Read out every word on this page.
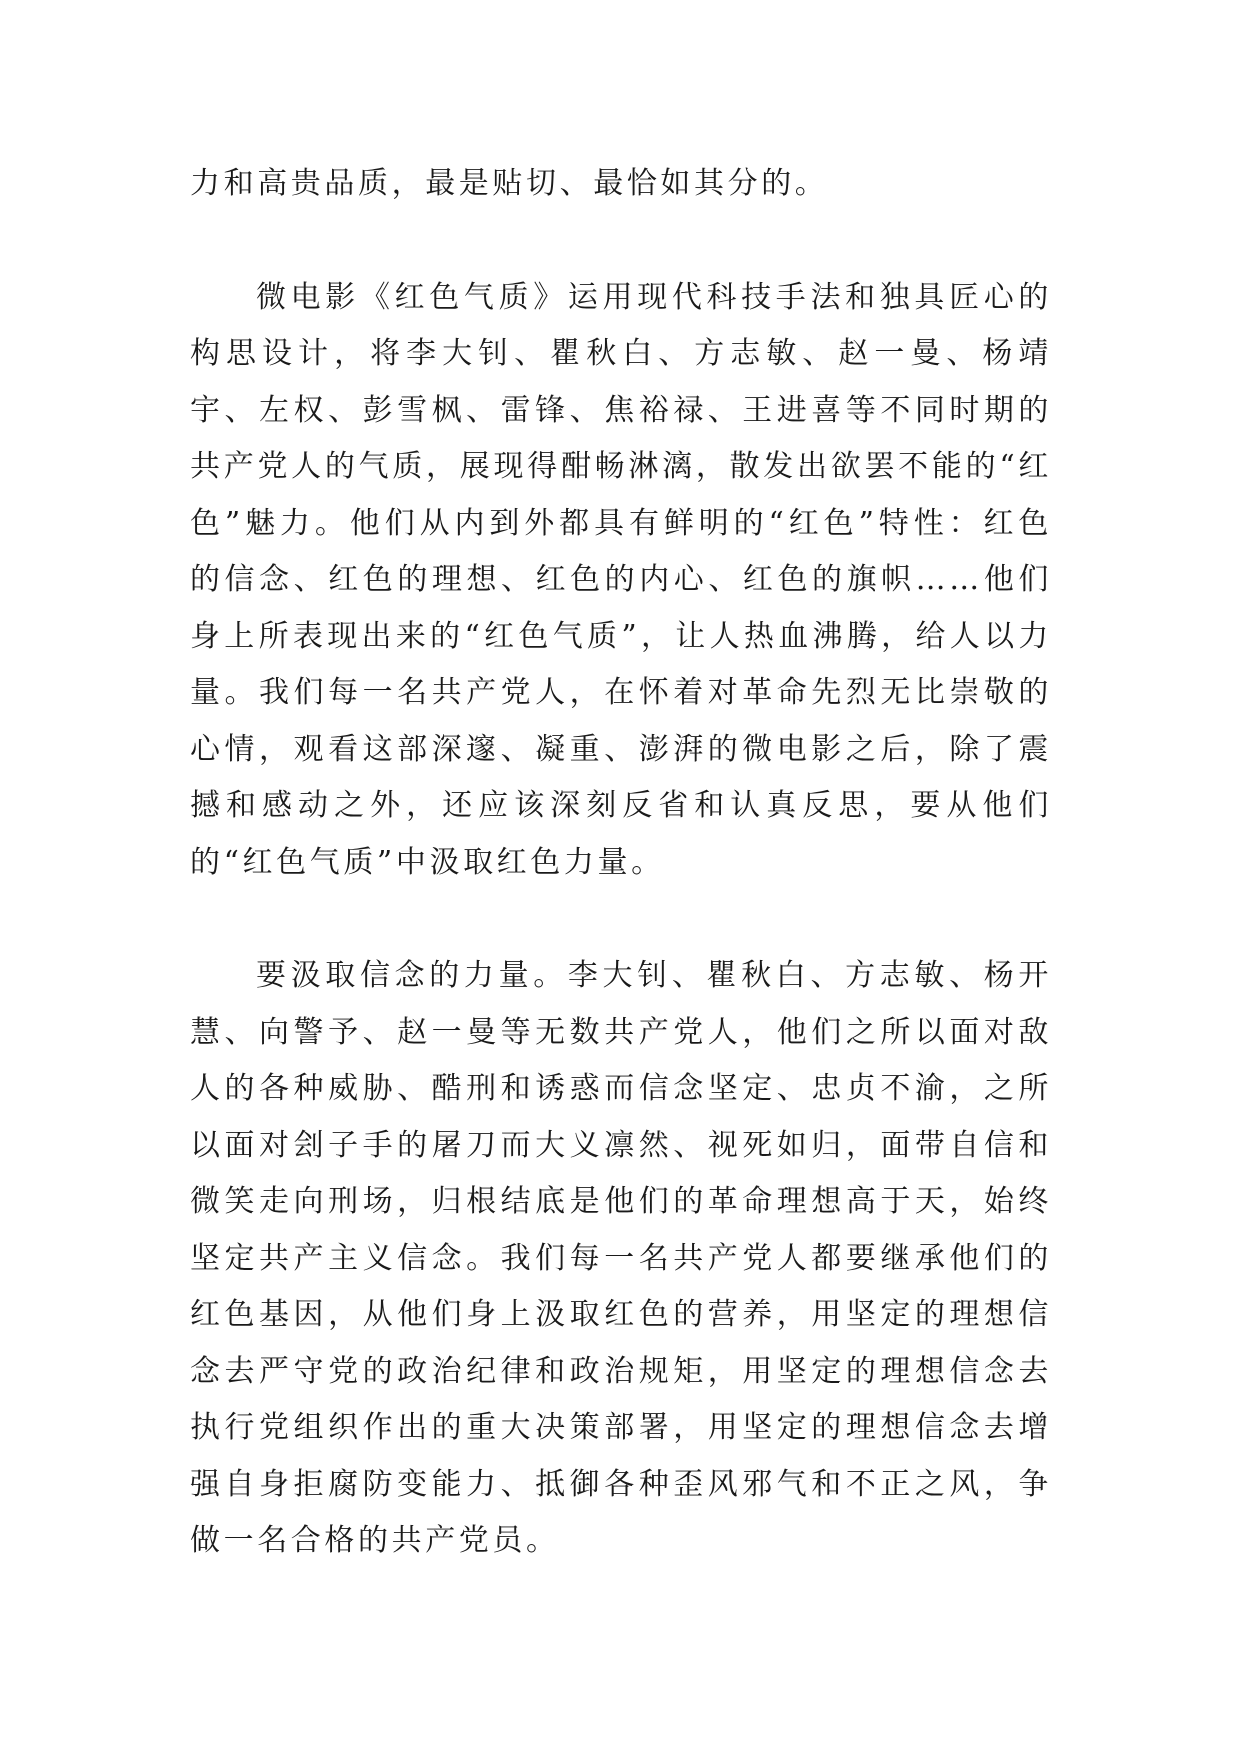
力和高贵品质，最是贴切、最恰如其分的。

微电影《红色气质》运用现代科技手法和独具匠心的构思设计，将李大钊、瞿秋白、方志敏、赵一曼、杨靖宇、左权、彭雪枫、雷锋、焦裕禄、王进喜等不同时期的共产党人的气质，展现得酣畅淋漓，散发出欲罢不能的“红色”魅力。他们从内到外都具有鲜明的“红色”特性：红色的信念、红色的理想、红色的内心、红色的旗帜……他们身上所表现出来的“红色气质”，让人热血沸腾，给人以力量。我们每一名共产党人，在怀着对革命先烈无比崇敬的心情，观看这部深邃、凝重、澎湃的微电影之后，除了震撼和感动之外，还应该深刻反省和认真反思，要从他们的“红色气质”中汲取红色力量。

要汲取信念的力量。李大钊、瞿秋白、方志敏、杨开慧、向警予、赵一曼等无数共产党人，他们之所以面对敌人的各种威胁、酷刑和诱惑而信念坚定、忠贞不渝，之所以面对刽子手的屠刀而大义凛然、视死如归，面带自信和微笑走向刑场，归根结底是他们的革命理想高于天，始终坚定共产主义信念。我们每一名共产党人都要继承他们的红色基因，从他们身上汲取红色的营养，用坚定的理想信念去严守党的政治纪律和政治规矩，用坚定的理想信念去执行党组织作出的重大决策部署，用坚定的理想信念去增强自身拒腐防变能力、抵御各种歪风邪气和不正之风，争做一名合格的共产党员。
